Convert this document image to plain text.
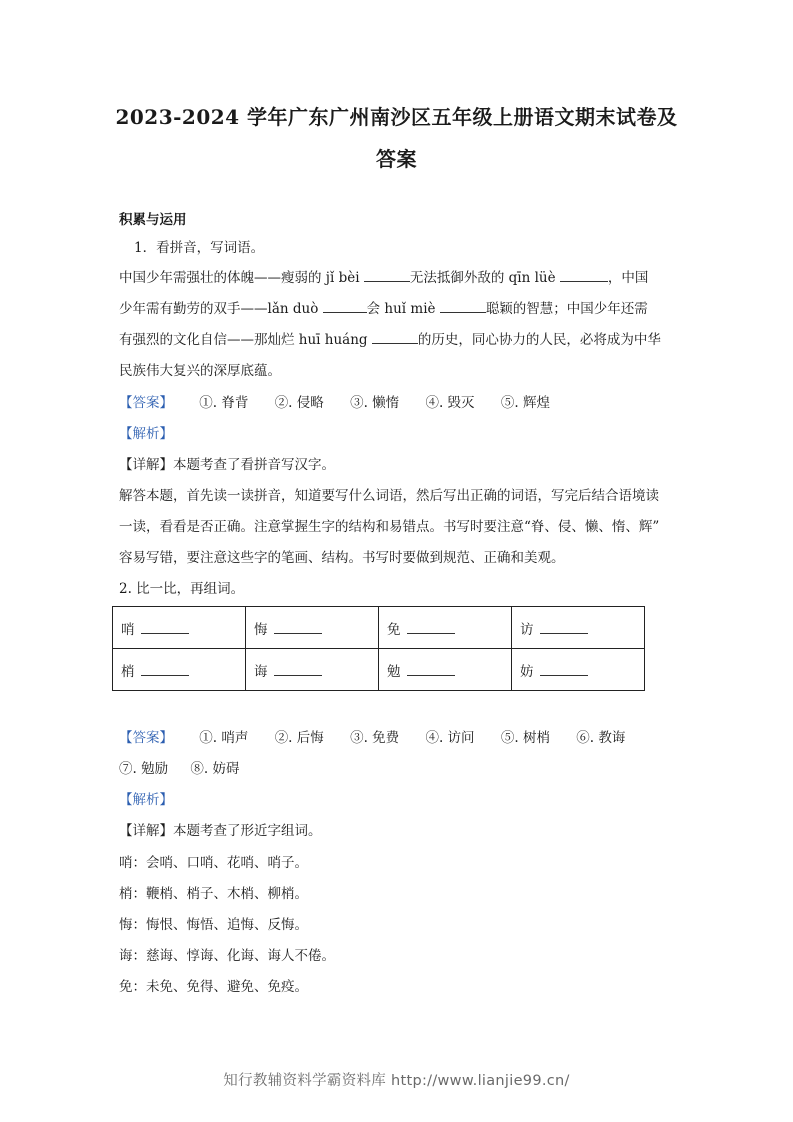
2023-2024 学年广东广州南沙区五年级上册语文期末试卷及
答案
积累与运用
1．看拼音，写词语。
中国少年需强壮的体魄——瘦弱的 jǐ bèi	无法抵御外敌的 qīn lüè	，中国
少年需有勤劳的双手——lǎn duò	会 huǐ miè	聪颖的智慧；中国少年还需
有强烈的文化自信——那灿烂 huī huáng	的历史，同心协力的人民，必将成为中华
民族伟大复兴的深厚底蕴。
【答案】 ①. 脊背 ②. 侵略 ③. 懒惰 ④. 毁灭 ⑤. 辉煌
【解析】
【详解】本题考查了看拼音写汉字。
解答本题，首先读一读拼音，知道要写什么词语，然后写出正确的词语，写完后结合语境读
一读，看看是否正确。注意掌握生字的结构和易错点。书写时要注意“脊、侵、懒、惰、辉”
容易写错，要注意这些字的笔画、结构。书写时要做到规范、正确和美观。
2. 比一比，再组词。
哨	悔	免	访
梢	诲	勉	妨
【答案】 ①. 哨声 ②. 后悔 ③. 免费 ④. 访问 ⑤. 树梢 ⑥. 教诲
⑦. 勉励 ⑧. 妨碍
【解析】
【详解】本题考查了形近字组词。
哨：会哨、口哨、花哨、哨子。
梢：鞭梢、梢子、木梢、柳梢。
悔：悔恨、悔悟、追悔、反悔。
诲：慈诲、惇诲、化诲、诲人不倦。
免：未免、免得、避免、免疫。
知行教辅资料学霸资料库 http://www.lianjie99.cn/
